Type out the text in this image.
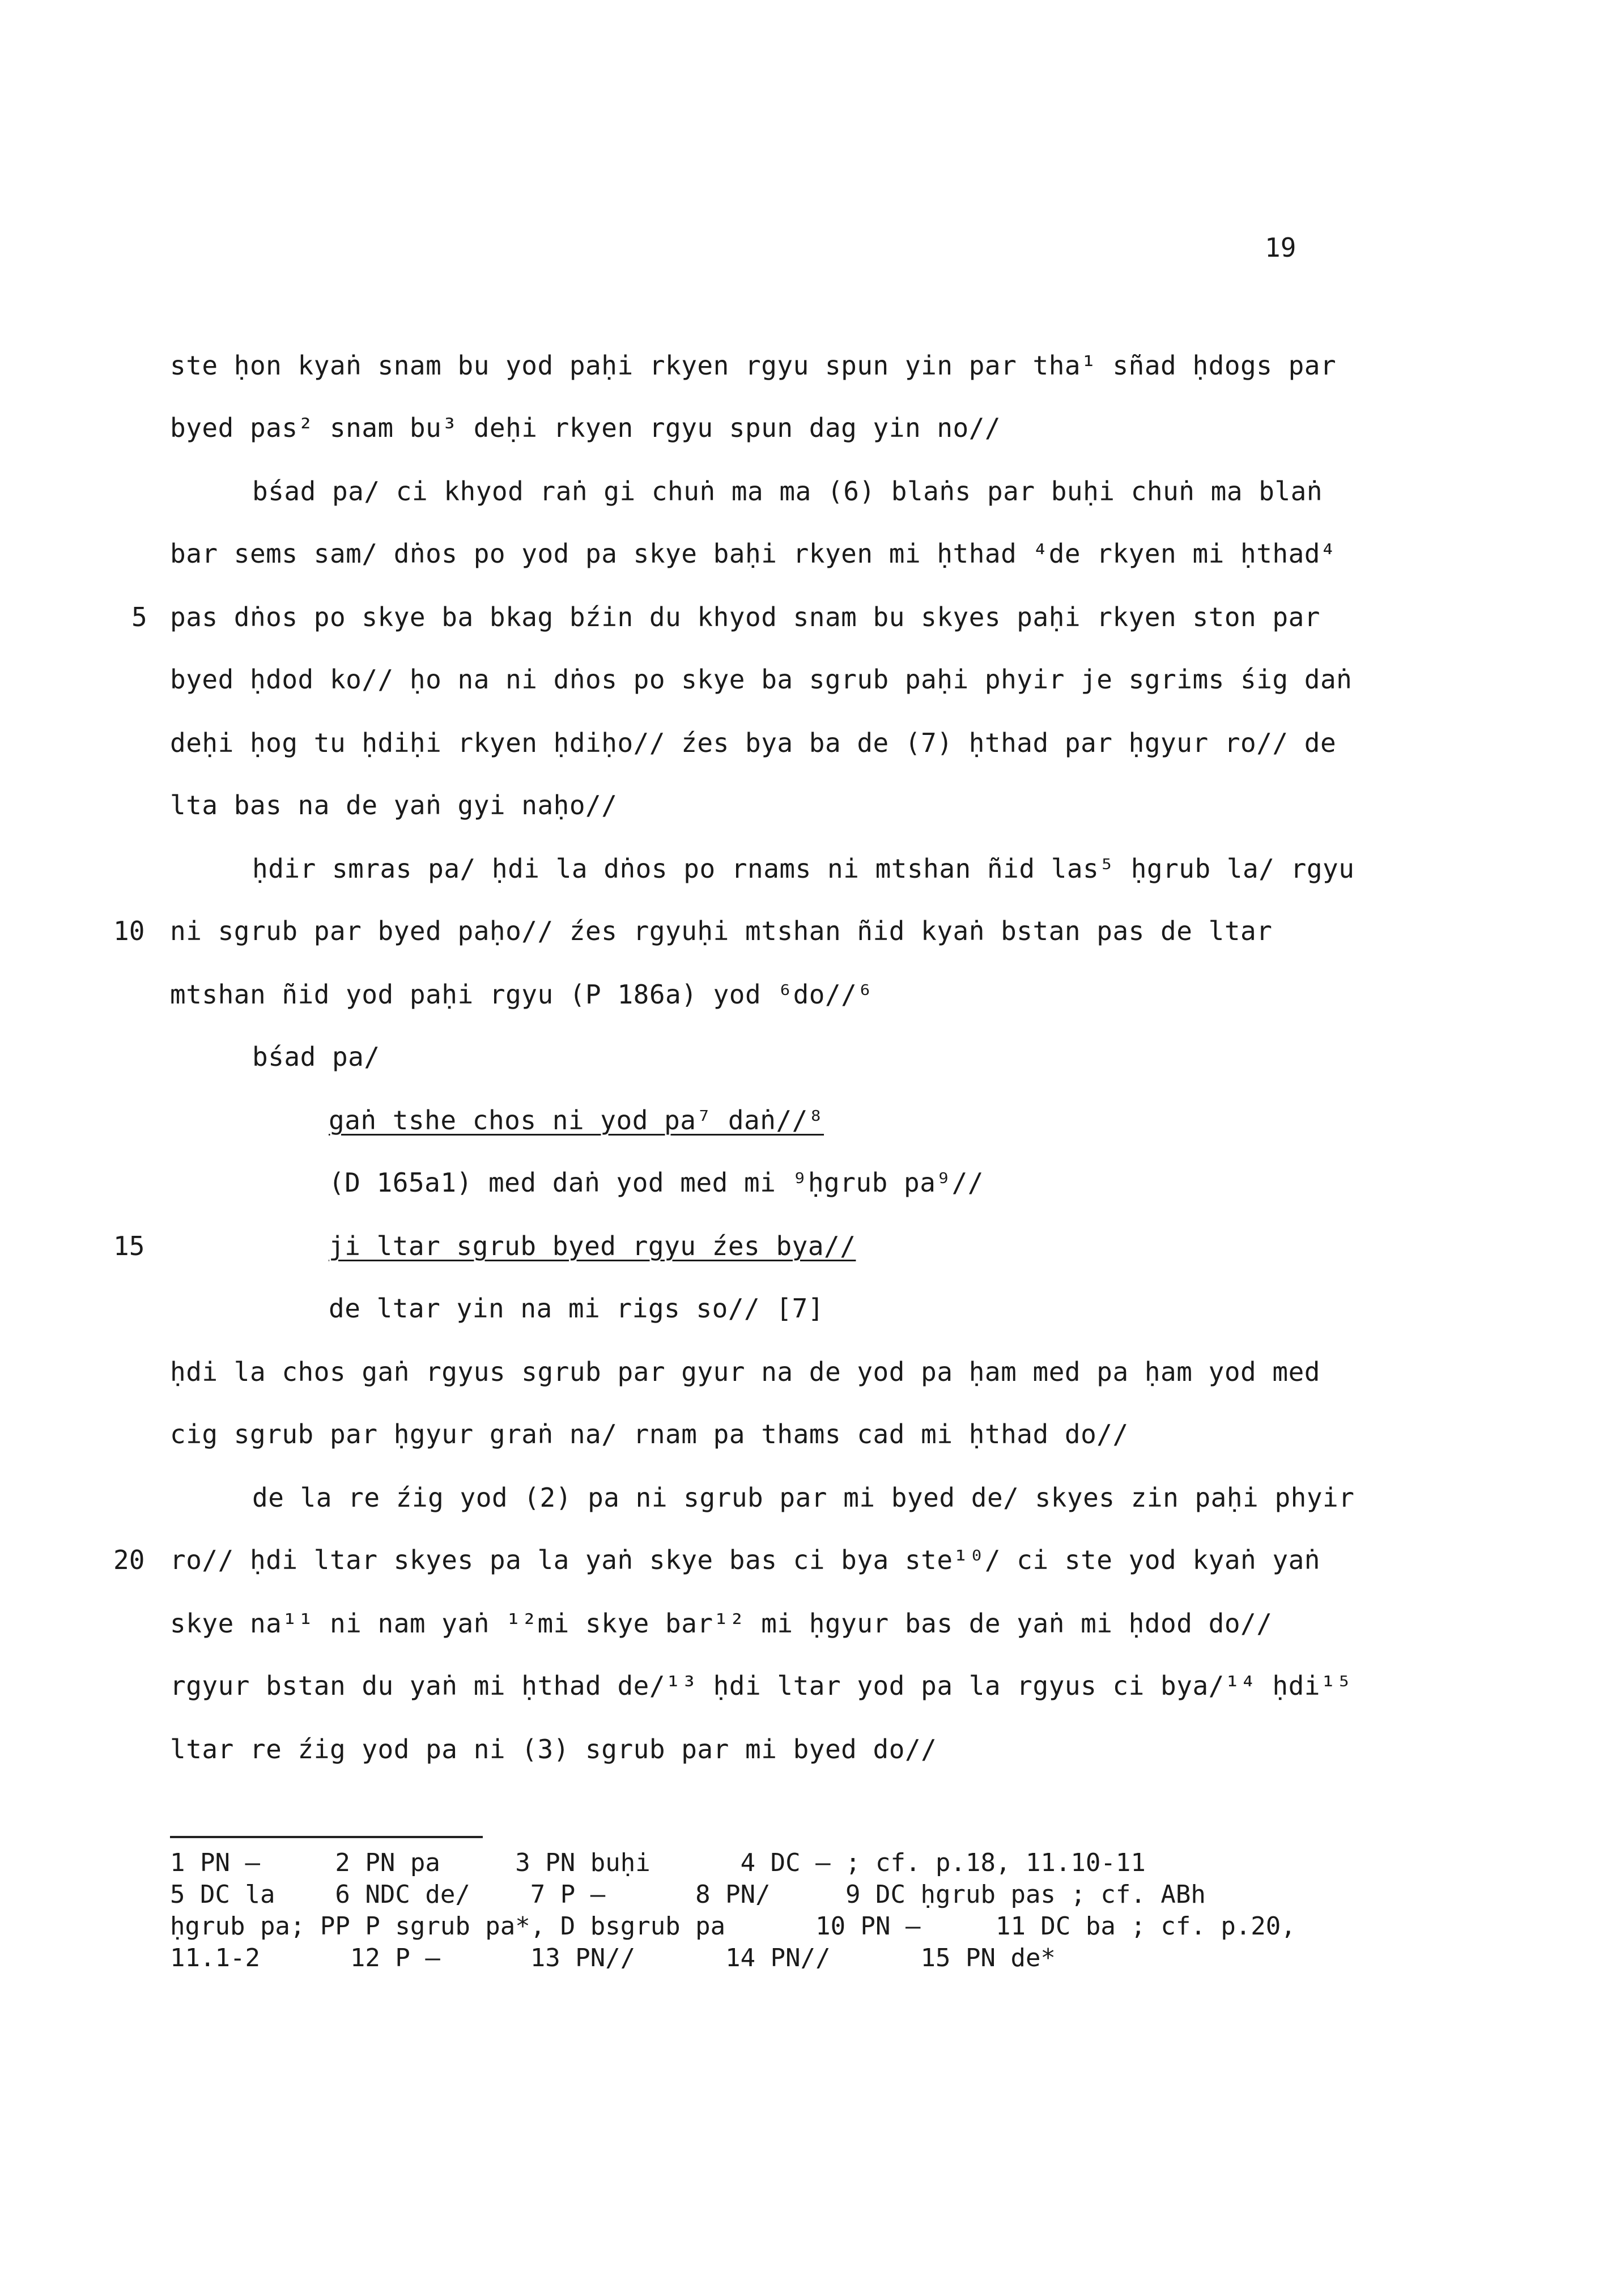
19
ste ḥon kyaṅ snam bu yod paḥi rkyen rgyu spun yin par tha¹ sñad ḥdogs par
byed pas² snam bu³ deḥi rkyen rgyu spun dag yin no//
bśad pa/ ci khyod raṅ gi chuṅ ma ma (6) blaṅs par buḥi chuṅ ma blaṅ
bar sems sam/ dṅos po yod pa skye baḥi rkyen mi ḥthad ⁴de rkyen mi ḥthad⁴
5 pas dṅos po skye ba bkag bźin du khyod snam bu skyes paḥi rkyen ston par
byed ḥdod ko// ḥo na ni dṅos po skye ba sgrub paḥi phyir je sgrims śig daṅ
deḥi ḥog tu ḥdiḥi rkyen ḥdiḥo// źes bya ba de (7) ḥthad par ḥgyur ro// de
lta bas na de yaṅ gyi naḥo//
ḥdir smras pa/ ḥdi la dṅos po rnams ni mtshan ñid las⁵ ḥgrub la/ rgyu
10 ni sgrub par byed paḥo// źes rgyuḥi mtshan ñid kyaṅ bstan pas de ltar
mtshan ñid yod paḥi rgyu (P 186a) yod ⁶do//⁶
bśad pa/
gaṅ tshe chos ni yod pa⁷ daṅ//⁸
(D 165a1) med daṅ yod med mi ⁹ḥgrub pa⁹//
15	ji ltar sgrub byed rgyu źes bya//
de ltar yin na mi rigs so// [7]
ḥdi la chos gaṅ rgyus sgrub par gyur na de yod pa ḥam med pa ḥam yod med
cig sgrub par ḥgyur graṅ na/ rnam pa thams cad mi ḥthad do//
de la re źig yod (2) pa ni sgrub par mi byed de/ skyes zin paḥi phyir
20 ro// ḥdi ltar skyes pa la yaṅ skye bas ci bya ste¹⁰/ ci ste yod kyaṅ yaṅ
skye na¹¹ ni nam yaṅ ¹²mi skye bar¹² mi ḥgyur bas de yaṅ mi ḥdod do//
rgyur bstan du yaṅ mi ḥthad de/¹³ ḥdi ltar yod pa la rgyus ci bya/¹⁴ ḥdi¹⁵
ltar re źig yod pa ni (3) sgrub par mi byed do//
1 PN —     2 PN pa     3 PN buḥi      4 DC — ; cf. p.18, 11.10-11
5 DC la    6 NDC de/    7 P —      8 PN/     9 DC ḥgrub pas ; cf. ABh
ḥgrub pa; PP P sgrub pa*, D bsgrub pa      10 PN —     11 DC ba ; cf. p.20,
11.1-2      12 P —      13 PN//      14 PN//      15 PN de*
